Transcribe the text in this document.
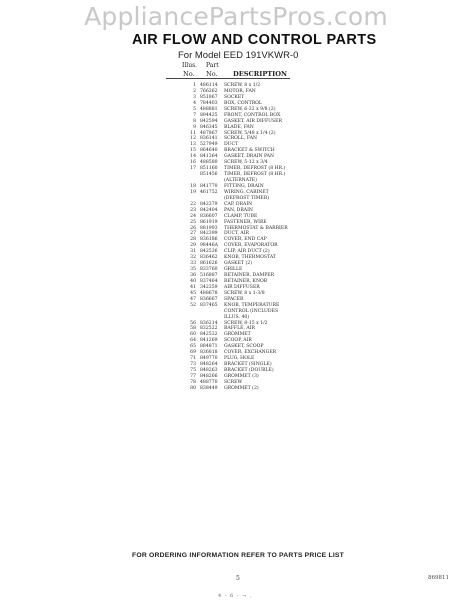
AppliancePartsPros.com
AIR FLOW AND CONTROL PARTS
For Model EED 191VKWR-0
Illus. Part
No. No. DESCRIPTION
1 486114	SCREW, 8 x 1/2
2 766262	MOTOR, FAN
3 851867	SOCKET
4 784403	BOX, CONTROL
5 488881	SCREW, 6-32 x 9/8 (2)
7 894425	FRONT, CONTROL BOX
8 842594	GASKET, AIR DIFFUSER
9 846345	BLADE, FAN
11 487867	SCREW, 5/48 x 1/4 (2)
12 836141	SCROLL, FAN
13 527949	DUCT
15 864640	BRACKET & SWITCH
14 841364	GASKET, DRAIN PAN
16 488580	SCREW, 5-12 x 3/4
17 851160	TIMER, DEFROST (8 HR.)
851456	TIMER, DEFROST (8 HR.)
(ALTERNATE)
18 841770	FITTING, DRAIN
19 461752	WIRING, CABINET
(DEFROST TIMER)
22 842379	CAP, DRAIN
23 842404	PAN, DRAIN
24 836607	CLAMP, TUBE
25 861919	FASTENER, WIRE
26 881993	THERMOSTAT & BARRIER
27 842399	DUCT, AIR
28 836186	COVER, END CAP
29 98446A	COVER, EVAPORATOR
31 842536	CLIP, AIR DUCT (2)
32 836462	KNOB, THERMOSTAT
33 861626	GASKET (2)
35 833760	GRILLE
36 516887	RETAINER, DAMPER
40 837464	RETAINER, KNOB
41 342359	AIR DIFFUSER
45 488678	SCREW, 8 x 1-3/8
47 836667	SPACER
52 837465	KNOB, TEMPERATURE
CONTROL (INCLUDES
ILLUS. 40)
56 836214	SCREW, 8-15 x 1/2
58 832522	BAFFLE, AIR
60 842532	GROMMET
64 841269	SCOOP, AIR
65 884871	GASKET, SCOOP
69 836818	COVER, EXCHANGER
71 849770	PLUG, HOLE
73 848264	BRACKET (SINGLE)
75 848263	BRACKET (DOUBLE)
77 848266	GROMMET (3)
78 488770	SCREW
80 838449	GROMMET (2)
FOR ORDERING INFORMATION REFER TO PARTS PRICE LIST
5	869811
4 - 6 - ¬ ,
